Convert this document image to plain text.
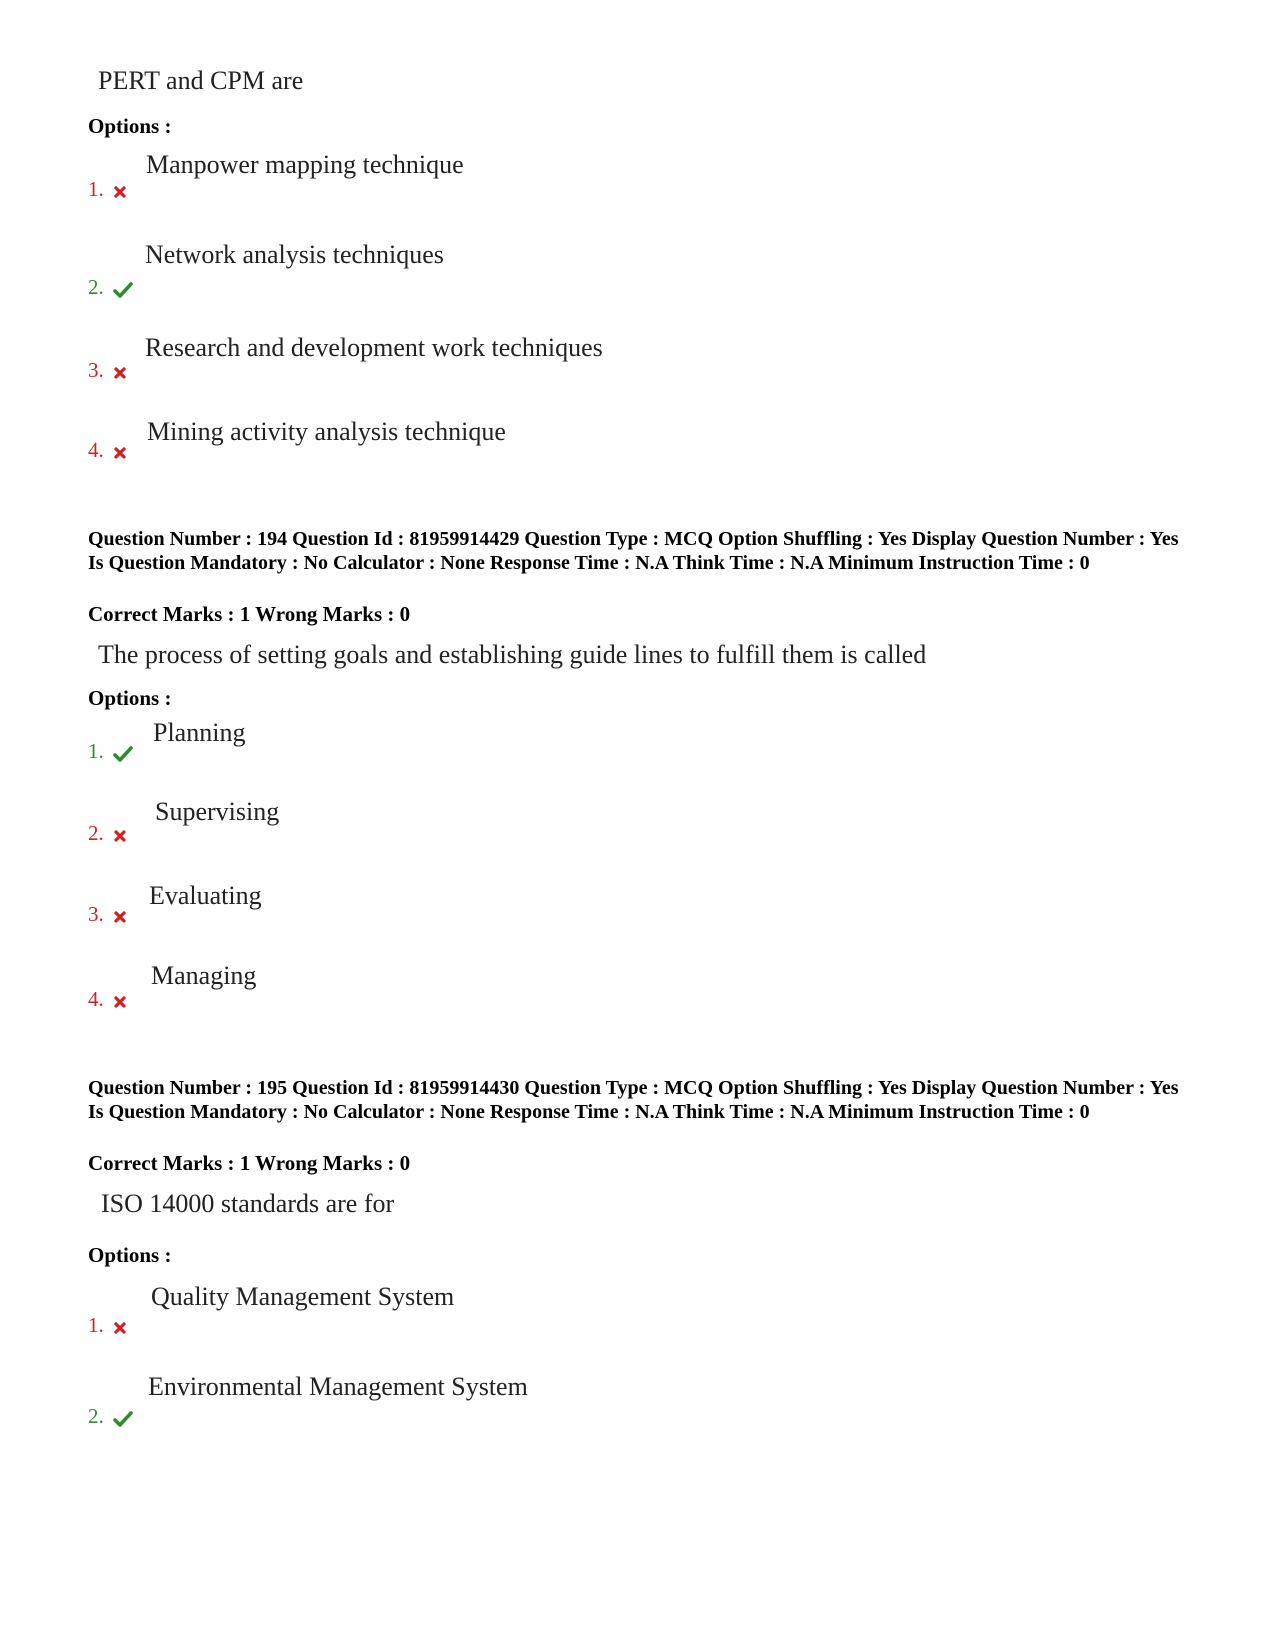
PERT and CPM are
Options :
Manpower mapping technique
1.
Network analysis techniques
2.
Research and development work techniques
3.
Mining activity analysis technique
4.
Question Number : 194 Question Id : 81959914429 Question Type : MCQ Option Shuffling : Yes Display Question Number : Yes Is Question Mandatory : No Calculator : None Response Time : N.A Think Time : N.A Minimum Instruction Time : 0
Correct Marks : 1 Wrong Marks : 0
The process of setting goals and establishing guide lines to fulfill them is called
Options :
Planning
1.
Supervising
2.
Evaluating
3.
Managing
4.
Question Number : 195 Question Id : 81959914430 Question Type : MCQ Option Shuffling : Yes Display Question Number : Yes Is Question Mandatory : No Calculator : None Response Time : N.A Think Time : N.A Minimum Instruction Time : 0
Correct Marks : 1 Wrong Marks : 0
ISO 14000 standards are for
Options :
Quality Management System
1.
Environmental Management System
2.
